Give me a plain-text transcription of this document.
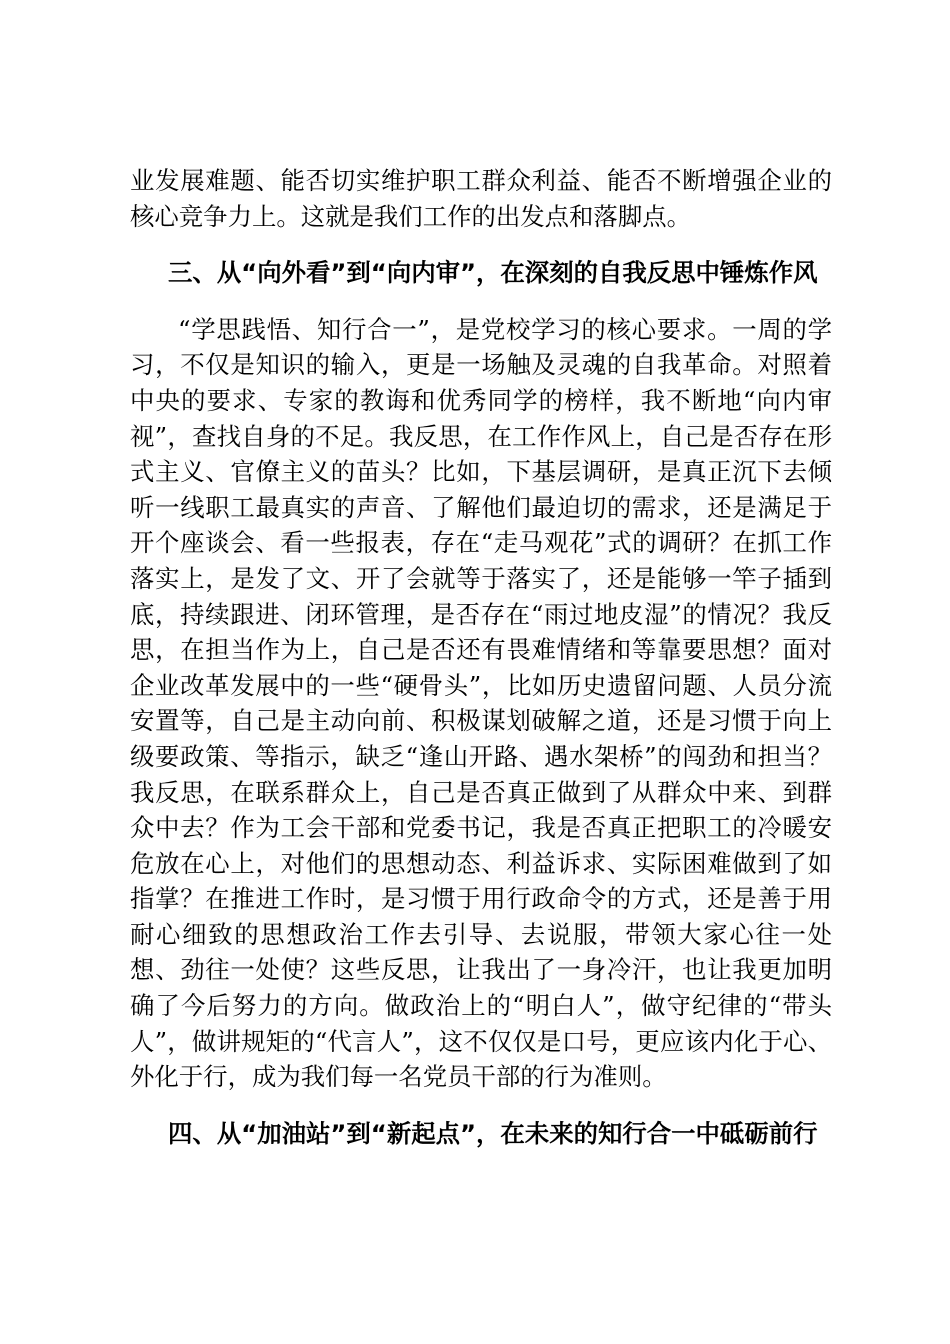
业发展难题、能否切实维护职工群众利益、能否不断增强企业的核心竞争力上。这就是我们工作的出发点和落脚点。

三、从“向外看”到“向内审”，在深刻的自我反思中锤炼作风

“学思践悟、知行合一”，是党校学习的核心要求。一周的学习，不仅是知识的输入，更是一场触及灵魂的自我革命。对照着中央的要求、专家的教诲和优秀同学的榜样，我不断地“向内审视”，查找自身的不足。我反思，在工作作风上，自己是否存在形式主义、官僚主义的苗头？比如，下基层调研，是真正沉下去倾听一线职工最真实的声音、了解他们最迫切的需求，还是满足于开个座谈会、看一些报表，存在“走马观花”式的调研？在抓工作落实上，是发了文、开了会就等于落实了，还是能够一竿子插到底，持续跟进、闭环管理，是否存在“雨过地皮湿”的情况？我反思，在担当作为上，自己是否还有畏难情绪和等靠要思想？面对企业改革发展中的一些“硬骨头”，比如历史遗留问题、人员分流安置等，自己是主动向前、积极谋划破解之道，还是习惯于向上级要政策、等指示，缺乏“逢山开路、遇水架桥”的闯劲和担当？我反思，在联系群众上，自己是否真正做到了从群众中来、到群众中去？作为工会干部和党委书记，我是否真正把职工的冷暖安危放在心上，对他们的思想动态、利益诉求、实际困难做到了如指掌？在推进工作时，是习惯于用行政命令的方式，还是善于用耐心细致的思想政治工作去引导、去说服，带领大家心往一处想、劲往一处使？这些反思，让我出了一身冷汗，也让我更加明确了今后努力的方向。做政治上的“明白人”，做守纪律的“带头人”，做讲规矩的“代言人”，这不仅仅是口号，更应该内化于心、外化于行，成为我们每一名党员干部的行为准则。

四、从“加油站”到“新起点”，在未来的知行合一中砥砺前行
